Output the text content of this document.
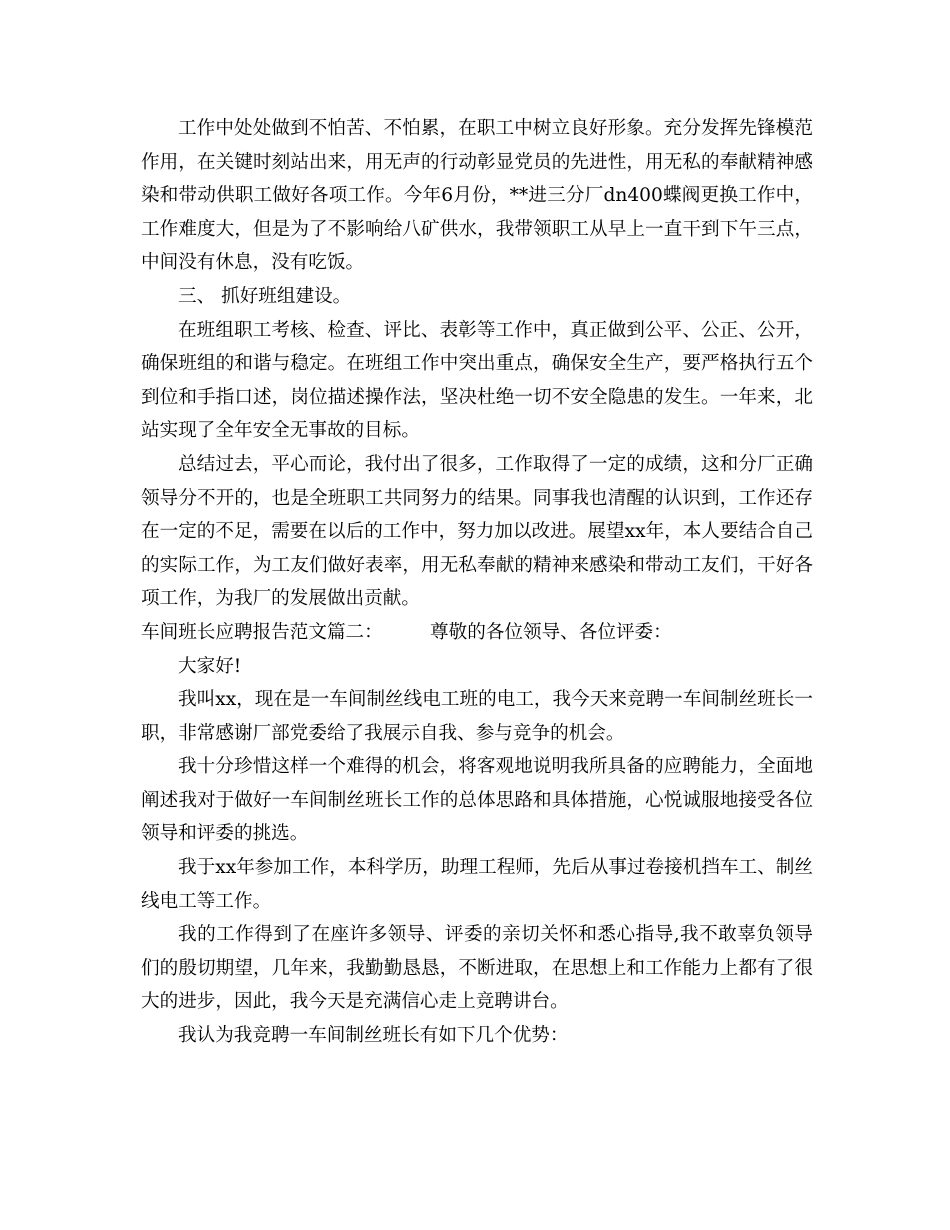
工作中处处做到不怕苦、不怕累，在职工中树立良好形象。充分发挥先锋模范作用，在关键时刻站出来，用无声的行动彰显党员的先进性，用无私的奉献精神感染和带动供职工做好各项工作。今年6月份，**进三分厂dn400蝶阀更换工作中，工作难度大，但是为了不影响给八矿供水，我带领职工从早上一直干到下午三点，中间没有休息，没有吃饭。

三、 抓好班组建设。

在班组职工考核、检查、评比、表彰等工作中，真正做到公平、公正、公开，确保班组的和谐与稳定。在班组工作中突出重点，确保安全生产，要严格执行五个到位和手指口述，岗位描述操作法，坚决杜绝一切不安全隐患的发生。一年来，北站实现了全年安全无事故的目标。

总结过去，平心而论，我付出了很多，工作取得了一定的成绩，这和分厂正确领导分不开的，也是全班职工共同努力的结果。同事我也清醒的认识到，工作还存在一定的不足，需要在以后的工作中，努力加以改进。展望xx年，本人要结合自己的实际工作，为工友们做好表率，用无私奉献的精神来感染和带动工友们，干好各项工作，为我厂的发展做出贡献。

车间班长应聘报告范文篇二：        尊敬的各位领导、各位评委：

大家好!

我叫xx，现在是一车间制丝线电工班的电工，我今天来竞聘一车间制丝班长一职，非常感谢厂部党委给了我展示自我、参与竞争的机会。

我十分珍惜这样一个难得的机会，将客观地说明我所具备的应聘能力，全面地阐述我对于做好一车间制丝班长工作的总体思路和具体措施，心悦诚服地接受各位领导和评委的挑选。

我于xx年参加工作，本科学历，助理工程师，先后从事过卷接机挡车工、制丝线电工等工作。

我的工作得到了在座许多领导、评委的亲切关怀和悉心指导,我不敢辜负领导们的殷切期望，几年来，我勤勤恳恳，不断进取，在思想上和工作能力上都有了很大的进步，因此，我今天是充满信心走上竞聘讲台。

我认为我竞聘一车间制丝班长有如下几个优势：
